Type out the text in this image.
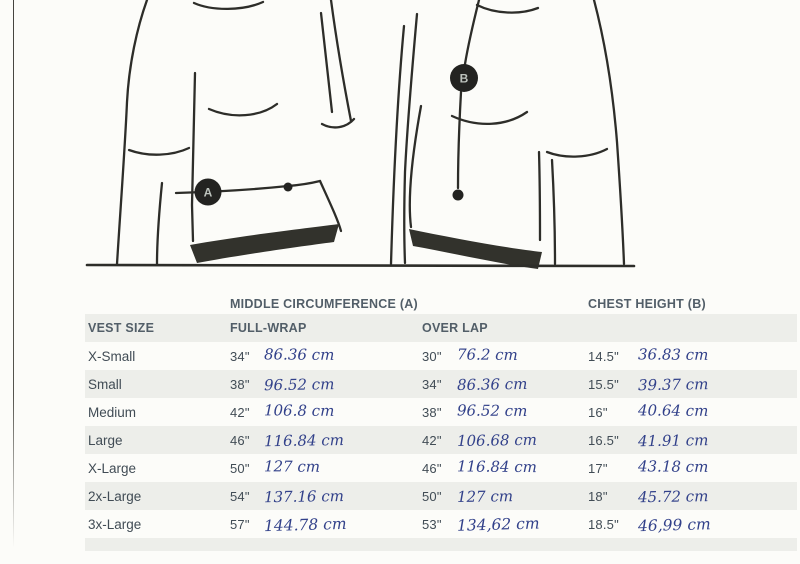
A
B
MIDDLE CIRCUMFERENCE (A)	CHEST HEIGHT (B)
VEST SIZE	FULL-WRAP	OVER LAP
X-Small	34" 86.36 cm	30"	76.2 cm	14.5"	36.83 cm
Small	38" 96.52 cm	34"	86.36 cm	15.5"	39.37 cm
Medium	42" 106.8 cm	38"	96.52 cm	16"	40.64 cm
Large	46" 116.84 cm	42"	106.68 cm	16.5"	41.91 cm
X-Large	50" 127 cm	46"	116.84 cm	17"	43.18 cm
2x-Large	54" 137.16 cm	50"	127 cm	18"	45.72 cm
3x-Large	57" 144.78 cm	53" 134,62 cm	18.5"	46,99 cm
